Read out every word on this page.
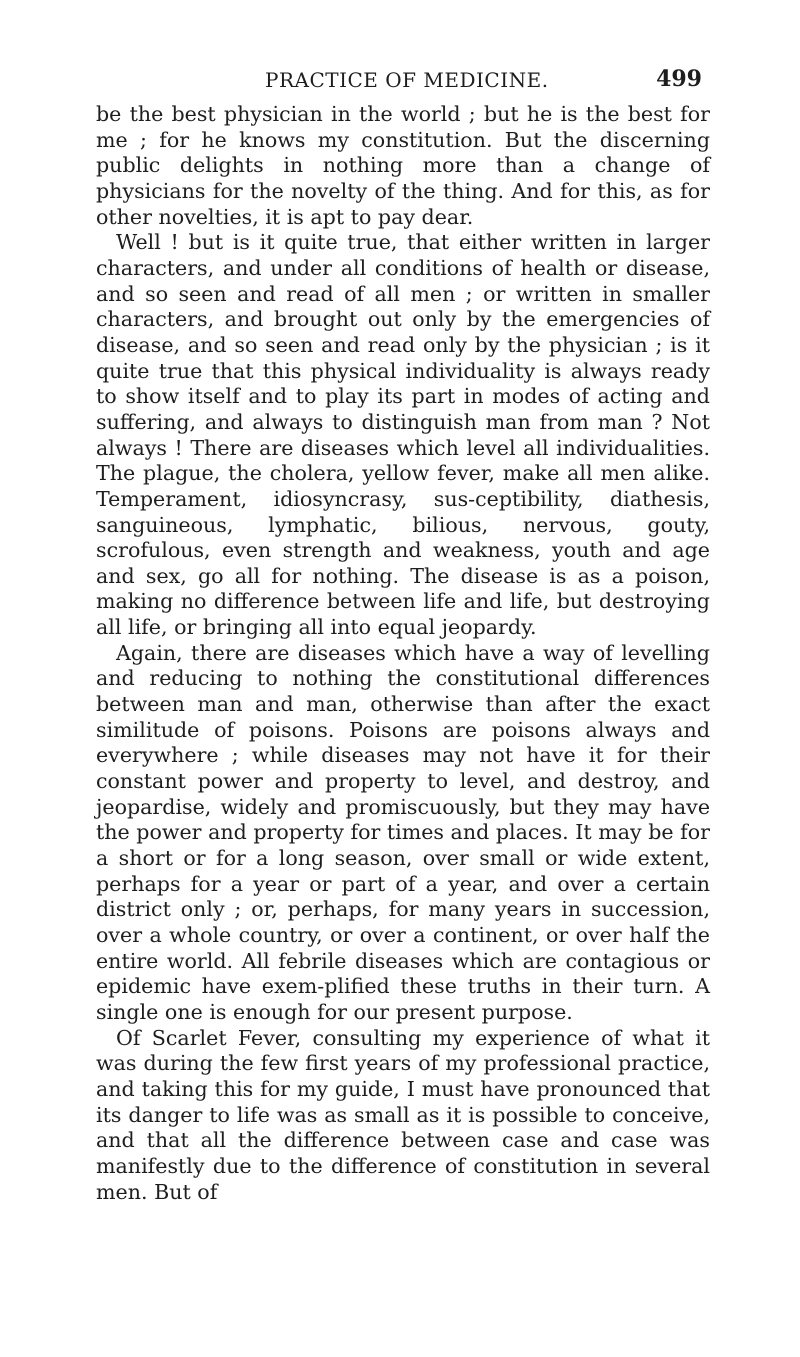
PRACTICE OF MEDICINE.	499

be the best physician in the world ; but he is the best for me ; for he knows my constitution. But the discerning public delights in nothing more than a change of physicians for the novelty of the thing. And for this, as for other novelties, it is apt to pay dear.

Well ! but is it quite true, that either written in larger characters, and under all conditions of health or disease, and so seen and read of all men ; or written in smaller characters, and brought out only by the emergencies of disease, and so seen and read only by the physician ; is it quite true that this physical individuality is always ready to show itself and to play its part in modes of acting and suffering, and always to distinguish man from man ? Not always ! There are diseases which level all individualities. The plague, the cholera, yellow fever, make all men alike. Temperament, idiosyncrasy, sus-ceptibility, diathesis, sanguineous, lymphatic, bilious, nervous, gouty, scrofulous, even strength and weakness, youth and age and sex, go all for nothing. The disease is as a poison, making no difference between life and life, but destroying all life, or bringing all into equal jeopardy.

Again, there are diseases which have a way of levelling and reducing to nothing the constitutional differences between man and man, otherwise than after the exact similitude of poisons. Poisons are poisons always and everywhere ; while diseases may not have it for their constant power and property to level, and destroy, and jeopardise, widely and promiscuously, but they may have the power and property for times and places. It may be for a short or for a long season, over small or wide extent, perhaps for a year or part of a year, and over a certain district only ; or, perhaps, for many years in succession, over a whole country, or over a continent, or over half the entire world. All febrile diseases which are contagious or epidemic have exem-plified these truths in their turn. A single one is enough for our present purpose.

Of Scarlet Fever, consulting my experience of what it was during the few first years of my professional practice, and taking this for my guide, I must have pronounced that its danger to life was as small as it is possible to conceive, and that all the difference between case and case was manifestly due to the difference of constitution in several men. But of
